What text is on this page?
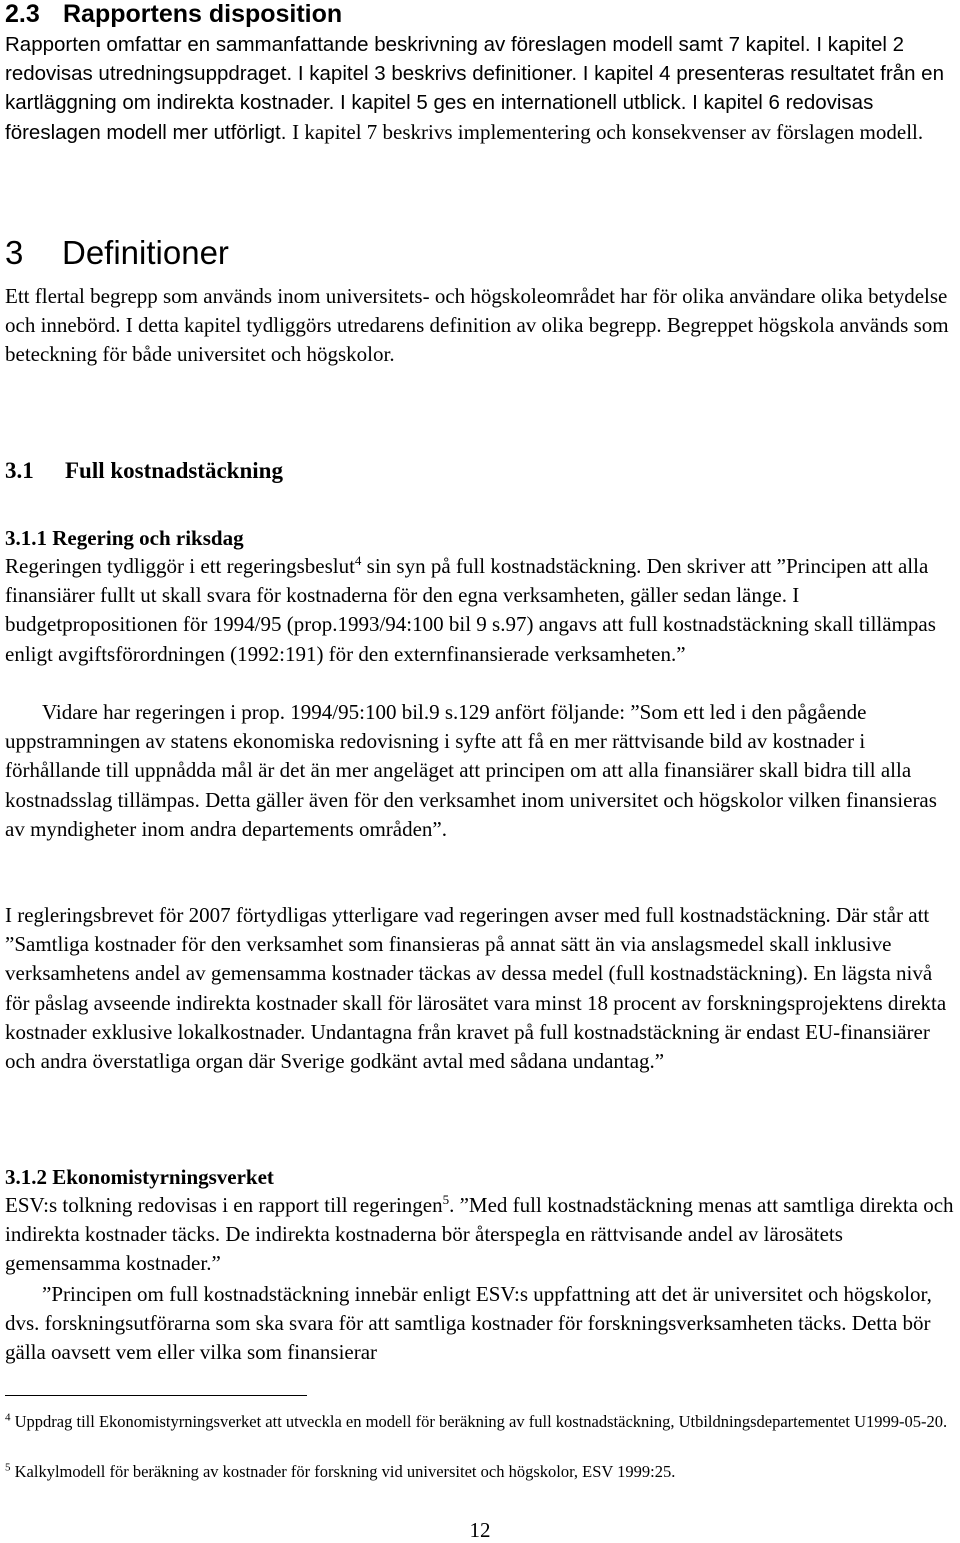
2.3 Rapportens disposition
Rapporten omfattar en sammanfattande beskrivning av föreslagen modell samt 7 kapitel. I kapitel 2 redovisas utredningsuppdraget. I kapitel 3 beskrivs definitioner. I kapitel 4 presenteras resultatet från en kartläggning om indirekta kostnader. I kapitel 5 ges en internationell utblick. I kapitel 6 redovisas föreslagen modell mer utförligt. I kapitel 7 beskrivs implementering och konsekvenser av förslagen modell.
3 Definitioner
Ett flertal begrepp som används inom universitets- och högskoleområdet har för olika användare olika betydelse och innebörd. I detta kapitel tydliggörs utredarens definition av olika begrepp. Begreppet högskola används som beteckning för både universitet och högskolor.
3.1 Full kostnadstäckning
3.1.1 Regering och riksdag
Regeringen tydliggör i ett regeringsbeslut$^4$ sin syn på full kostnadstäckning. Den skriver att ”Principen att alla finansiärer fullt ut skall svara för kostnaderna för den egna verksamheten, gäller sedan länge. I budgetpropositionen för 1994/95 (prop.1993/94:100 bil 9 s.97) angavs att full kostnadstäckning skall tillämpas enligt avgiftsförordningen (1992:191) för den externfinansierade verksamheten.”
Vidare har regeringen i prop. 1994/95:100 bil.9 s.129 anfört följande: ”Som ett led i den pågående uppstramningen av statens ekonomiska redovisning i syfte att få en mer rättvisande bild av kostnader i förhållande till uppnådda mål är det än mer angeläget att principen om att alla finansiärer skall bidra till alla kostnadsslag tillämpas. Detta gäller även för den verksamhet inom universitet och högskolor vilken finansieras av myndigheter inom andra departements områden”.
I regleringsbrevet för 2007 förtydligas ytterligare vad regeringen avser med full kostnadstäckning. Där står att ”Samtliga kostnader för den verksamhet som finansieras på annat sätt än via anslagsmedel skall inklusive verksamhetens andel av gemensamma kostnader täckas av dessa medel (full kostnadstäckning). En lägsta nivå för påslag avseende indirekta kostnader skall för lärosätet vara minst 18 procent av forskningsprojektens direkta kostnader exklusive lokalkostnader. Undantagna från kravet på full kostnadstäckning är endast EU-finansiärer och andra överstatliga organ där Sverige godkänt avtal med sådana undantag.”
3.1.2 Ekonomistyrningsverket
ESV:s tolkning redovisas i en rapport till regeringen$^5$. ”Med full kostnadstäckning menas att samtliga direkta och indirekta kostnader täcks. De indirekta kostnaderna bör återspegla en rättvisande andel av lärosätets gemensamma kostnader.”
”Principen om full kostnadstäckning innebär enligt ESV:s uppfattning att det är universitet och högskolor, dvs. forskningsutförarna som ska svara för att samtliga kostnader för forskningsverksamheten täcks. Detta bör gälla oavsett vem eller vilka som finansierar
$^4$ Uppdrag till Ekonomistyrningsverket att utveckla en modell för beräkning av full kostnadstäckning, Utbildningsdepartementet U1999-05-20.
$^5$ Kalkylmodell för beräkning av kostnader för forskning vid universitet och högskolor, ESV 1999:25.
12
